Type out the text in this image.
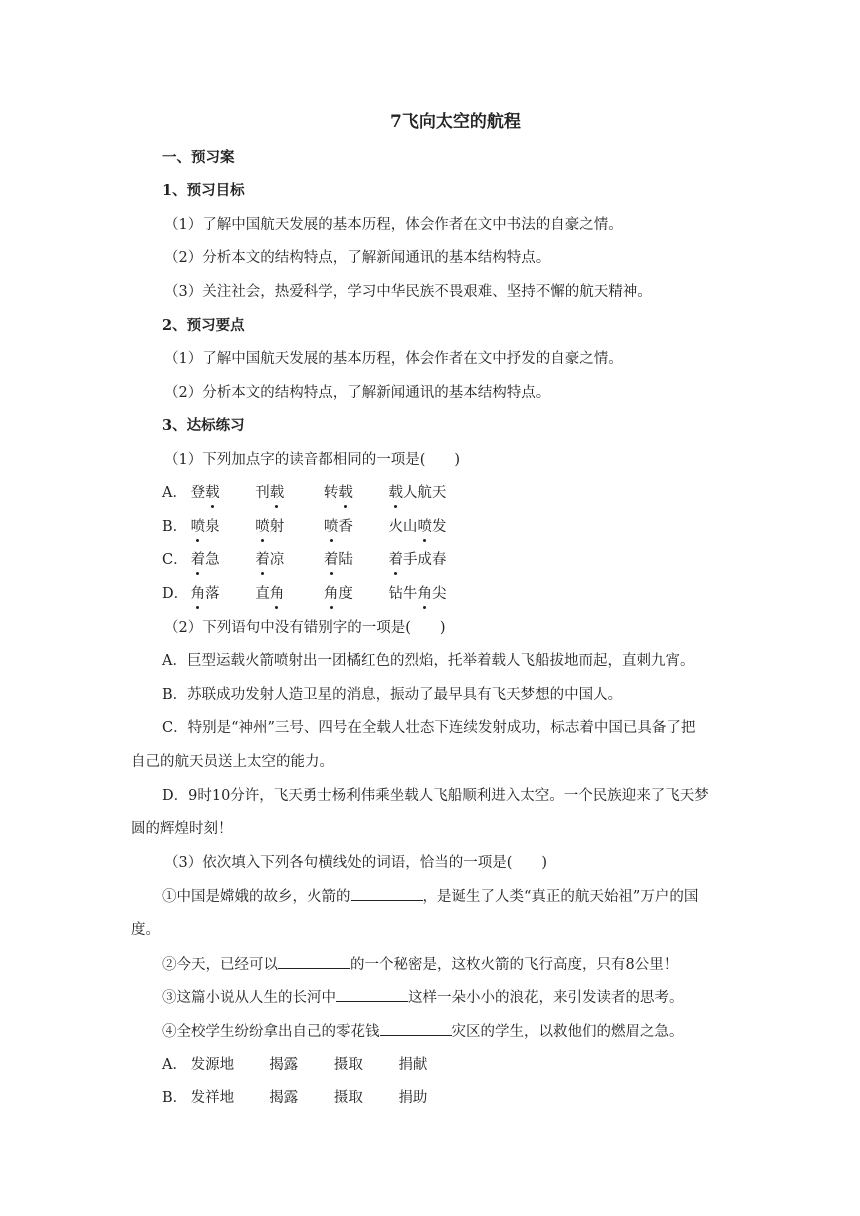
7飞向太空的航程
一、预习案
1、预习目标
（1）了解中国航天发展的基本历程，体会作者在文中书法的自豪之情。
（2）分析本文的结构特点，了解新闻通讯的基本结构特点。
（3）关注社会，热爱科学，学习中华民族不畏艰难、坚持不懈的航天精神。
2、预习要点
（1）了解中国航天发展的基本历程，体会作者在文中抒发的自豪之情。
（2）分析本文的结构特点，了解新闻通讯的基本结构特点。
3、达标练习
（1）下列加点字的读音都相同的一项是(　　)
A． 登载 刊载	转载 载人航天
B． 喷泉 喷射	喷香 火山喷发
C． 着急 着凉	着陆 着手成春
D． 角落 直角	角度 钻牛角尖
（2）下列语句中没有错别字的一项是(　　)
A．巨型运载火箭喷射出一团橘红色的烈焰，托举着载人飞船拔地而起，直刺九宵。
B．苏联成功发射人造卫星的消息，振动了最早具有飞天梦想的中国人。
C．特别是“神州”三号、四号在全载人壮态下连续发射成功，标志着中国已具备了把
自己的航天员送上太空的能力。
D．9时10分许，飞天勇士杨利伟乘坐载人飞船顺利进入太空。一个民族迎来了飞天梦
圆的辉煌时刻！
（3）依次填入下列各句横线处的词语，恰当的一项是(　　)
①中国是嫦娥的故乡，火箭的	，是诞生了人类“真正的航天始祖”万户的国
度。
②今天，已经可以	的一个秘密是，这枚火箭的飞行高度，只有8公里！
③这篇小说从人生的长河中	这样一朵小小的浪花，来引发读者的思考。
④全校学生纷纷拿出自己的零花钱	灾区的学生，以救他们的燃眉之急。
A． 发源地 揭露 摄取 捐献
B． 发祥地 揭露 摄取 捐助
